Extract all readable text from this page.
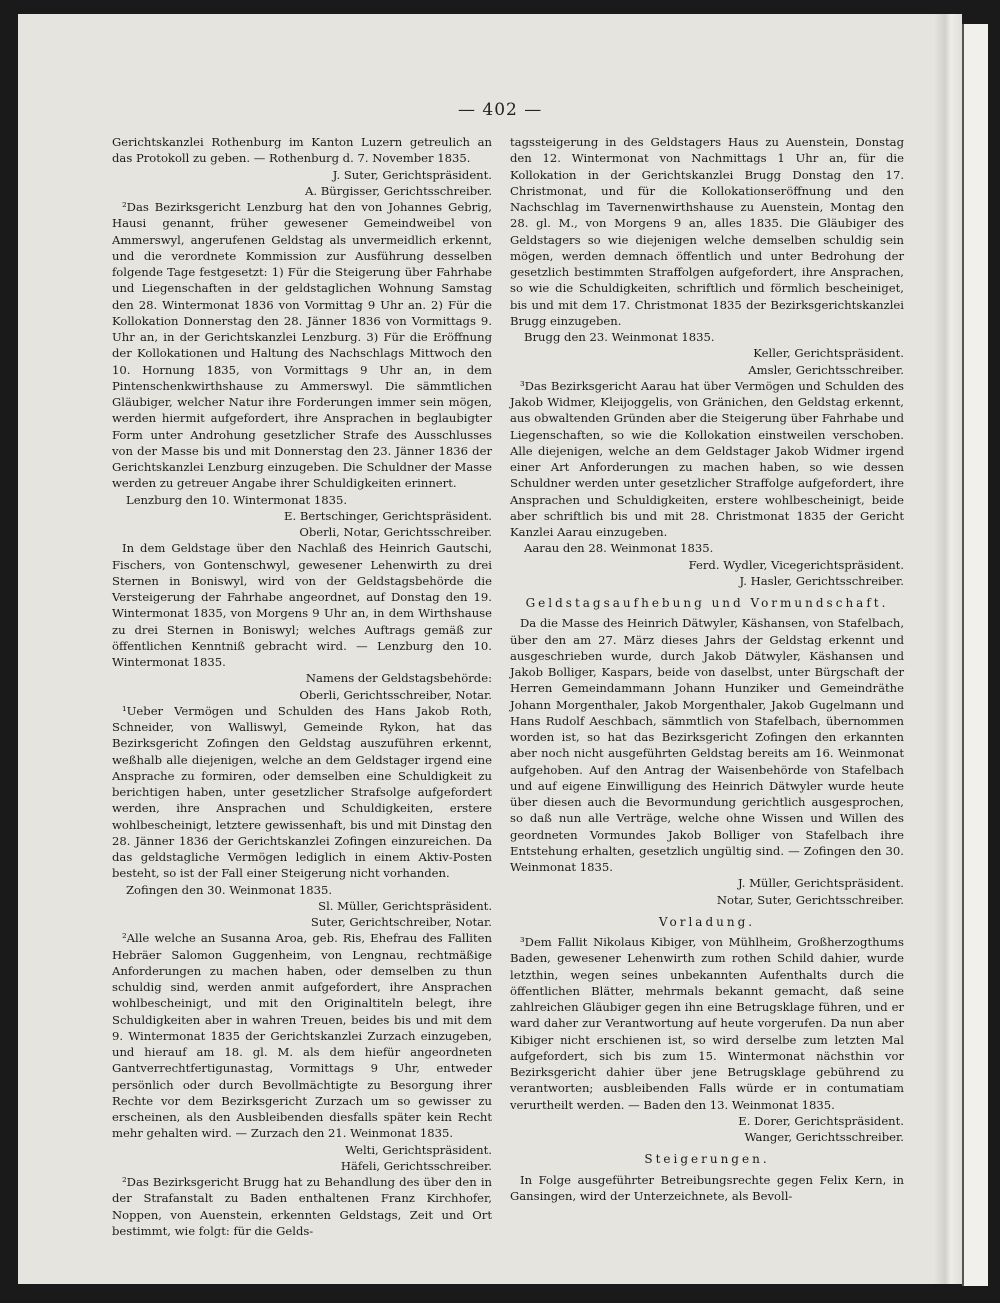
— 402 —

Gerichtskanzlei Rothenburg im Kanton Luzern getreulich an das Protokoll zu geben. — Rothenburg d. 7. November 1835.

J. Suter, Gerichtspräsident.

A. Bürgisser, Gerichtsschreiber.

²Das Bezirksgericht Lenzburg hat den von Johannes Gebrig, Hausi genannt, früher gewesener Gemeindweibel von Ammerswyl, angerufenen Geldstag als unvermeidlich erkennt, und die verordnete Kommission zur Ausführung desselben folgende Tage festgesetzt: 1) Für die Steigerung über Fahrhabe und Liegenschaften in der geldstaglichen Wohnung Samstag den 28. Wintermonat 1836 von Vormittag 9 Uhr an. 2) Für die Kollokation Donnerstag den 28. Jänner 1836 von Vormittags 9. Uhr an, in der Gerichtskanzlei Lenzburg. 3) Für die Eröffnung der Kollokationen und Haltung des Nachschlags Mittwoch den 10. Hornung 1835, von Vormittags 9 Uhr an, in dem Pintenschenkwirthshause zu Ammerswyl. Die sämmtlichen Gläubiger, welcher Natur ihre Forderungen immer sein mögen, werden hiermit aufgefordert, ihre Ansprachen in beglaubigter Form unter Androhung gesetzlicher Strafe des Ausschlusses von der Masse bis und mit Donnerstag den 23. Jänner 1836 der Gerichtskanzlei Lenzburg einzugeben. Die Schuldner der Masse werden zu getreuer Angabe ihrer Schuldigkeiten erinnert.

Lenzburg den 10. Wintermonat 1835.

E. Bertschinger, Gerichtspräsident.

Oberli, Notar, Gerichtsschreiber.

In dem Geldstage über den Nachlaß des Heinrich Gautschi, Fischers, von Gontenschwyl, gewesener Lehenwirth zu drei Sternen in Boniswyl, wird von der Geldstagsbehörde die Versteigerung der Fahrhabe angeordnet, auf Donstag den 19. Wintermonat 1835, von Morgens 9 Uhr an, in dem Wirthshause zu drei Sternen in Boniswyl; welches Auftrags gemäß zur öffentlichen Kenntniß gebracht wird. — Lenzburg den 10. Wintermonat 1835.

Namens der Geldstagsbehörde:

Oberli, Gerichtsschreiber, Notar.

¹Ueber Vermögen und Schulden des Hans Jakob Roth, Schneider, von Walliswyl, Gemeinde Rykon, hat das Bezirksgericht Zofingen den Geldstag auszuführen erkennt, weßhalb alle diejenigen, welche an dem Geldstager irgend eine Ansprache zu formiren, oder demselben eine Schuldigkeit zu berichtigen haben, unter gesetzlicher Strafsolge aufgefordert werden, ihre Ansprachen und Schuldigkeiten, erstere wohlbescheinigt, letztere gewissenhaft, bis und mit Dinstag den 28. Jänner 1836 der Gerichtskanzlei Zofingen einzureichen. Da das geldstagliche Vermögen lediglich in einem Aktiv-Posten besteht, so ist der Fall einer Steigerung nicht vorhanden.

Zofingen den 30. Weinmonat 1835.

Sl. Müller, Gerichtspräsident.

Suter, Gerichtschreiber, Notar.

²Alle welche an Susanna Aroa, geb. Ris, Ehefrau des Falliten Hebräer Salomon Guggenheim, von Lengnau, rechtmäßige Anforderungen zu machen haben, oder demselben zu thun schuldig sind, werden anmit aufgefordert, ihre Ansprachen wohlbescheinigt, und mit den Originaltiteln belegt, ihre Schuldigkeiten aber in wahren Treuen, beides bis und mit dem 9. Wintermonat 1835 der Gerichtskanzlei Zurzach einzugeben, und hierauf am 18. gl. M. als dem hiefür angeordneten Gantverrechtfertigunastag, Vormittags 9 Uhr, entweder persönlich oder durch Bevollmächtigte zu Besorgung ihrer Rechte vor dem Bezirksgericht Zurzach um so gewisser zu erscheinen, als den Ausbleibenden diesfalls später kein Recht mehr gehalten wird. — Zurzach den 21. Weinmonat 1835.

Welti, Gerichtspräsident.

Häfeli, Gerichtsschreiber.

²Das Bezirksgericht Brugg hat zu Behandlung des über den in der Strafanstalt zu Baden enthaltenen Franz Kirchhofer, Noppen, von Auenstein, erkennten Geldstags, Zeit und Ort bestimmt, wie folgt: für die Gelds-

tagssteigerung in des Geldstagers Haus zu Auenstein, Donstag den 12. Wintermonat von Nachmittags 1 Uhr an, für die Kollokation in der Gerichtskanzlei Brugg Donstag den 17. Christmonat, und für die Kollokationseröffnung und den Nachschlag im Tavernenwirthshause zu Auenstein, Montag den 28. gl. M., von Morgens 9 an, alles 1835. Die Gläubiger des Geldstagers so wie diejenigen welche demselben schuldig sein mögen, werden demnach öffentlich und unter Bedrohung der gesetzlich bestimmten Straffolgen aufgefordert, ihre Ansprachen, so wie die Schuldigkeiten, schriftlich und förmlich bescheiniget, bis und mit dem 17. Christmonat 1835 der Bezirksgerichtskanzlei Brugg einzugeben.

Brugg den 23. Weinmonat 1835.

Keller, Gerichtspräsident.

Amsler, Gerichtsschreiber.

³Das Bezirksgericht Aarau hat über Vermögen und Schulden des Jakob Widmer, Kleijoggelis, von Gränichen, den Geldstag erkennt, aus obwaltenden Gründen aber die Steigerung über Fahrhabe und Liegenschaften, so wie die Kollokation einstweilen verschoben. Alle diejenigen, welche an dem Geldstager Jakob Widmer irgend einer Art Anforderungen zu machen haben, so wie dessen Schuldner werden unter gesetzlicher Straffolge aufgefordert, ihre Ansprachen und Schuldigkeiten, erstere wohlbescheinigt, beide aber schriftlich bis und mit 28. Christmonat 1835 der Gericht Kanzlei Aarau einzugeben.

Aarau den 28. Weinmonat 1835.

Ferd. Wydler, Vicegerichtspräsident.

J. Hasler, Gerichtsschreiber.

Geldstagsaufhebung und Vormundschaft.

Da die Masse des Heinrich Dätwyler, Käshansen, von Stafelbach, über den am 27. März dieses Jahrs der Geldstag erkennt und ausgeschrieben wurde, durch Jakob Dätwyler, Käshansen und Jakob Bolliger, Kaspars, beide von daselbst, unter Bürgschaft der Herren Gemeindammann Johann Hunziker und Gemeindräthe Johann Morgenthaler, Jakob Morgenthaler, Jakob Gugelmann und Hans Rudolf Aeschbach, sämmtlich von Stafelbach, übernommen worden ist, so hat das Bezirksgericht Zofingen den erkannten aber noch nicht ausgeführten Geldstag bereits am 16. Weinmonat aufgehoben. Auf den Antrag der Waisenbehörde von Stafelbach und auf eigene Einwilligung des Heinrich Dätwyler wurde heute über diesen auch die Bevormundung gerichtlich ausgesprochen, so daß nun alle Verträge, welche ohne Wissen und Willen des geordneten Vormundes Jakob Bolliger von Stafelbach ihre Entstehung erhalten, gesetzlich ungültig sind. — Zofingen den 30. Weinmonat 1835.

J. Müller, Gerichtspräsident.

Notar, Suter, Gerichtsschreiber.

Vorladung.

³Dem Fallit Nikolaus Kibiger, von Mühlheim, Großherzogthums Baden, gewesener Lehenwirth zum rothen Schild dahier, wurde letzthin, wegen seines unbekannten Aufenthalts durch die öffentlichen Blätter, mehrmals bekannt gemacht, daß seine zahlreichen Gläubiger gegen ihn eine Betrugsklage führen, und er ward daher zur Verantwortung auf heute vorgerufen. Da nun aber Kibiger nicht erschienen ist, so wird derselbe zum letzten Mal aufgefordert, sich bis zum 15. Wintermonat nächsthin vor Bezirksgericht dahier über jene Betrugsklage gebührend zu verantworten; ausbleibenden Falls würde er in contumatiam verurtheilt werden. — Baden den 13. Weinmonat 1835.

E. Dorer, Gerichtspräsident.

Wanger, Gerichtsschreiber.

Steigerungen.

In Folge ausgeführter Betreibungsrechte gegen Felix Kern, in Gansingen, wird der Unterzeichnete, als Bevoll-
